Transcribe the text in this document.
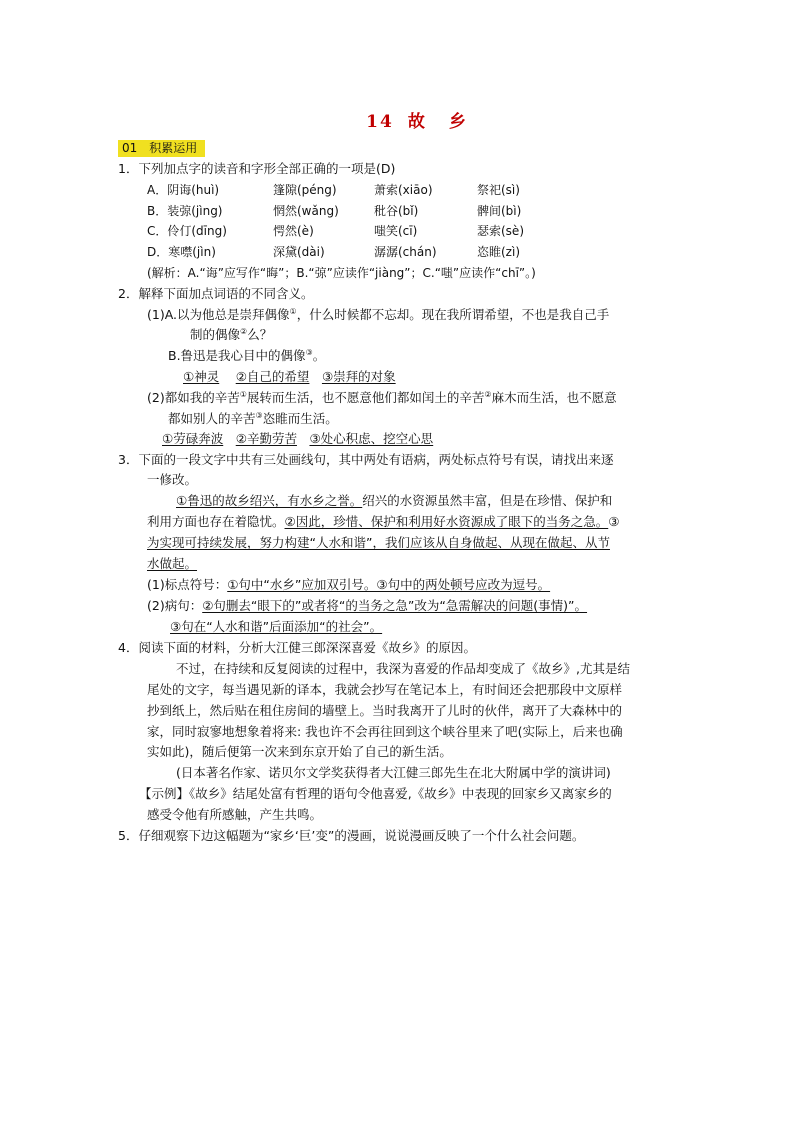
14 故 乡
01　积累运用
1．下列加点字的读音和字形全部正确的一项是(D)
A．阴诲(huì)	篷隙(péng)	萧索(xiāo)	祭祀(sì)
B．装弶(jìng)	惘然(wǎng)	秕谷(bǐ)	髀间(bì)
C．伶仃(dīng)	愕然(è)	嗤笑(cī)	瑟索(sè)
D．寒噤(jìn)	深黛(dài)	潺潺(chán)	恣睢(zì)
(解析：A.“诲”应写作“晦”；B.“弶”应读作“jiàng”；C.“嗤”应读作“chī”。)
2．解释下面加点词语的不同含义。
(1)A.以为他总是崇拜偶像①，什么时候都不忘却。现在我所谓希望，不也是我自己手
制的偶像②么？
B.鲁迅是我心目中的偶像③。
①神灵　 ②自己的希望　 ③崇拜的对象
(2)都如我的辛苦①展转而生活，也不愿意他们都如闰土的辛苦②麻木而生活，也不愿意
都如别人的辛苦③恣睢而生活。
①劳碌奔波　 ②辛勤劳苦　 ③处心积虑、挖空心思
3．下面的一段文字中共有三处画线句，其中两处有语病，两处标点符号有误，请找出来逐
一修改。
①鲁迅的故乡绍兴，有水乡之誉。绍兴的水资源虽然丰富，但是在珍惜、保护和
利用方面也存在着隐忧。②因此，珍惜、保护和利用好水资源成了眼下的当务之急。③
为实现可持续发展，努力构建“人水和谐”，我们应该从自身做起、从现在做起、从节
水做起。
(1)标点符号：①句中“水乡”应加双引号。③句中的两处顿号应改为逗号。
(2)病句：②句删去“眼下的”或者将“的当务之急”改为“急需解决的问题(事情)”。
③句在“人水和谐”后面添加“的社会”。
4．阅读下面的材料，分析大江健三郎深深喜爱《故乡》的原因。
不过，在持续和反复阅读的过程中，我深为喜爱的作品却变成了《故乡》,尤其是结
尾处的文字，每当遇见新的译本，我就会抄写在笔记本上，有时间还会把那段中文原样
抄到纸上，然后贴在租住房间的墙壁上。当时我离开了儿时的伙伴，离开了大森林中的
家，同时寂寥地想象着将来: 我也许不会再往回到这个峡谷里来了吧(实际上，后来也确
实如此)，随后便第一次来到东京开始了自己的新生活。
(日本著名作家、诺贝尔文学奖获得者大江健三郎先生在北大附属中学的演讲词)
【示例】《故乡》结尾处富有哲理的语句令他喜爱,《故乡》中表现的回家乡又离家乡的
感受令他有所感触，产生共鸣。
5．仔细观察下边这幅题为“家乡‘巨’变”的漫画，说说漫画反映了一个什么社会问题。
